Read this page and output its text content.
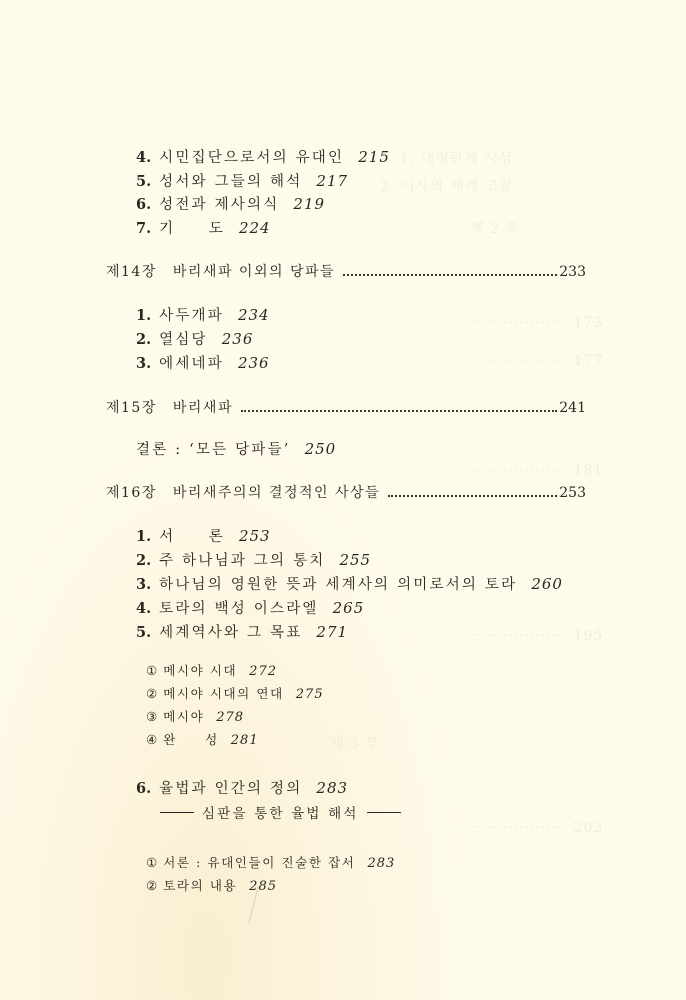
1. 대칭관계 사상
2. 이사의 세계 고찰
제 2 부
·················· 173
·················· 177
·················· 181
·················· 195
제 3 부
·················· 203
4. 시민집단으로서의 유대인 215
5. 성서와 그들의 해석 217
6. 성전과 제사의식 219
7. 기　　도 224
제14장 바리새파 이외의 당파들	233
1. 사두개파 234
2. 열심당 236
3. 에세네파 236
제15장 바리새파	241
결론 : ‘모든 당파들’ 250
제16장 바리새주의의 결정적인 사상들	253
1. 서　　론 253
2. 주 하나님과 그의 통치 255
3. 하나님의 영원한 뜻과 세계사의 의미로서의 토라 260
4. 토라의 백성 이스라엘 265
5. 세계역사와 그 목표 271
① 메시야 시대 272
② 메시야 시대의 연대 275
③ 메시야 278
④ 완　　성 281
6. 율법과 인간의 정의 283
심판을 통한 율법 해석
① 서론 : 유대인들이 진술한 잡서 283
② 토라의 내용 285
